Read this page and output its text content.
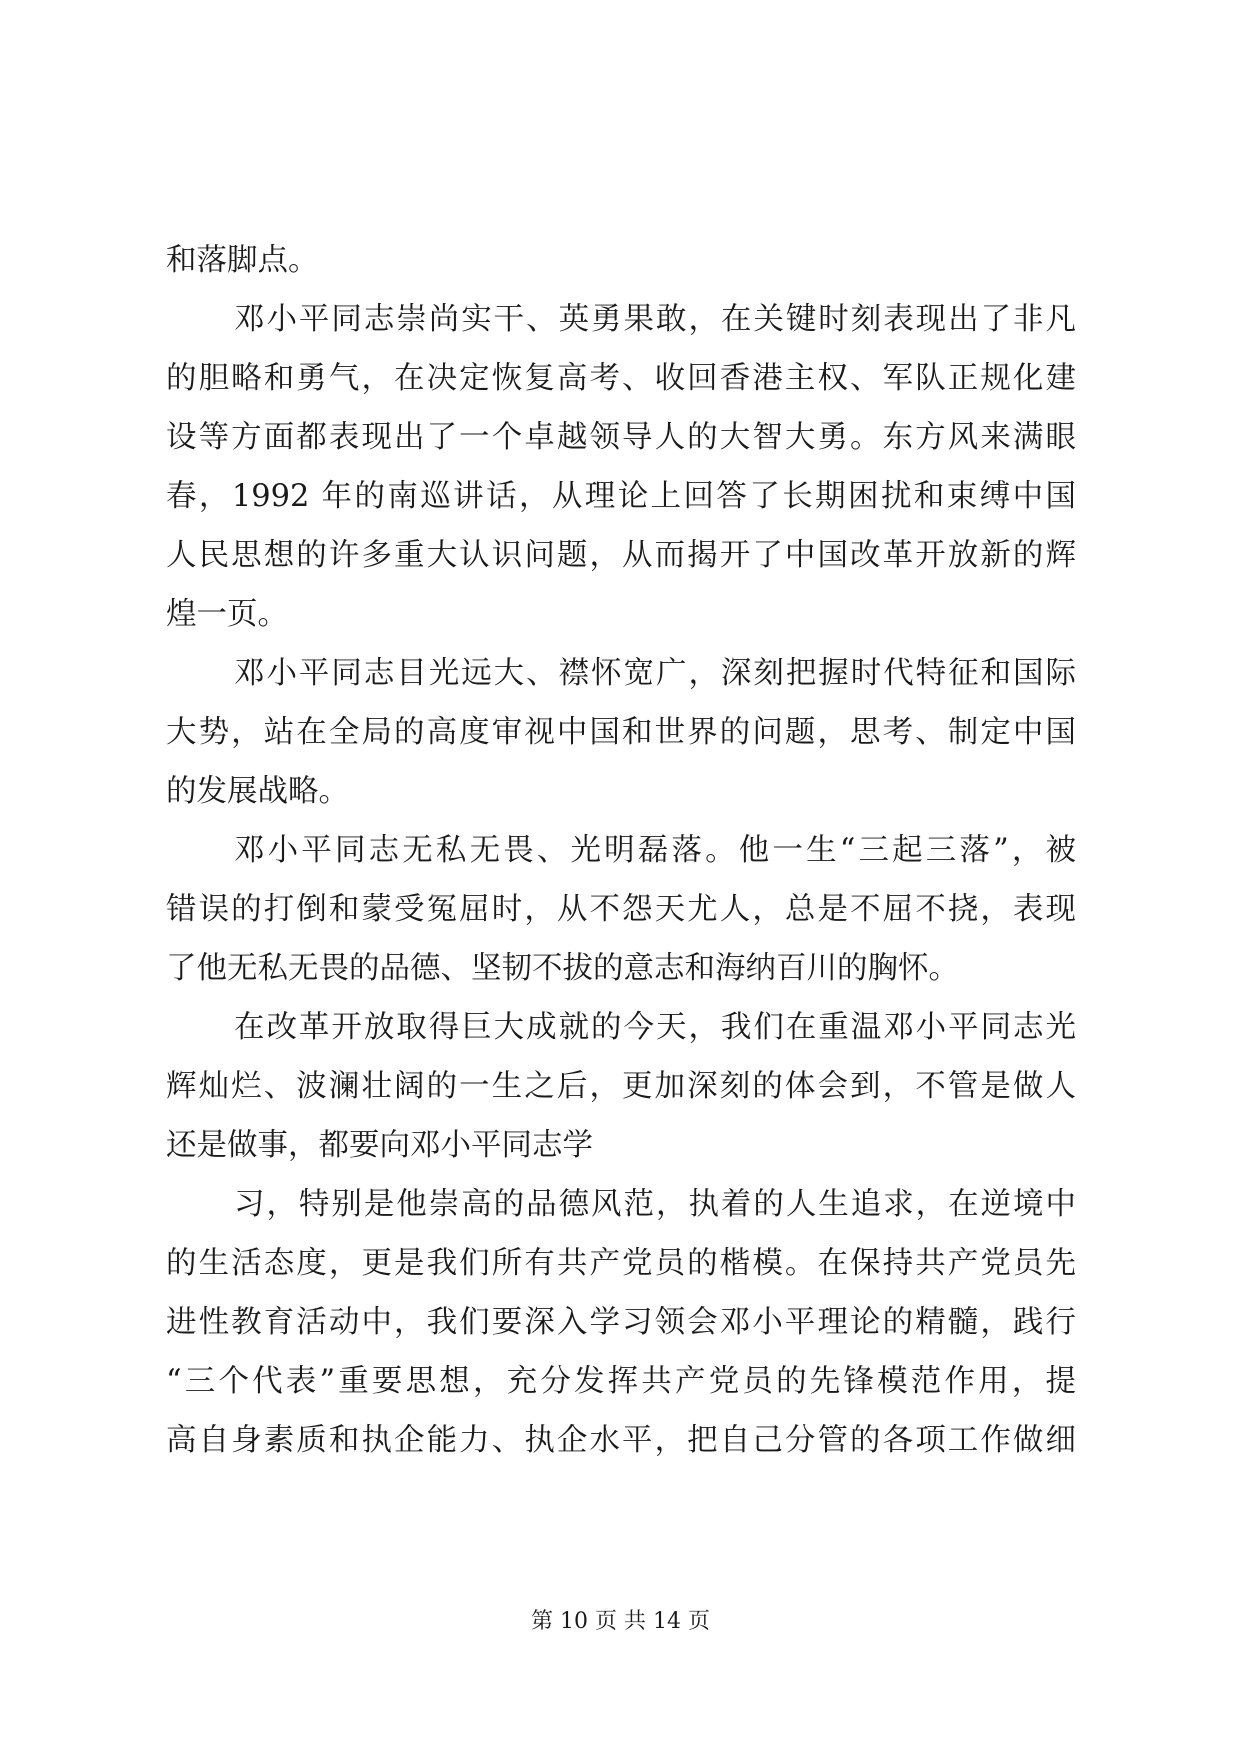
和落脚点。
邓小平同志崇尚实干、英勇果敢，在关键时刻表现出了非凡
的胆略和勇气，在决定恢复高考、收回香港主权、军队正规化建
设等方面都表现出了一个卓越领导人的大智大勇。东方风来满眼
春，1992 年的南巡讲话，从理论上回答了长期困扰和束缚中国
人民思想的许多重大认识问题，从而揭开了中国改革开放新的辉
煌一页。
邓小平同志目光远大、襟怀宽广，深刻把握时代特征和国际
大势，站在全局的高度审视中国和世界的问题，思考、制定中国
的发展战略。
邓小平同志无私无畏、光明磊落。他一生“三起三落”，被
错误的打倒和蒙受冤屈时，从不怨天尤人，总是不屈不挠，表现
了他无私无畏的品德、坚韧不拔的意志和海纳百川的胸怀。
在改革开放取得巨大成就的今天，我们在重温邓小平同志光
辉灿烂、波澜壮阔的一生之后，更加深刻的体会到，不管是做人
还是做事，都要向邓小平同志学
习，特别是他崇高的品德风范，执着的人生追求，在逆境中
的生活态度，更是我们所有共产党员的楷模。在保持共产党员先
进性教育活动中，我们要深入学习领会邓小平理论的精髓，践行
“三个代表”重要思想，充分发挥共产党员的先锋模范作用，提
高自身素质和执企能力、执企水平，把自己分管的各项工作做细
第 10 页 共 14 页
